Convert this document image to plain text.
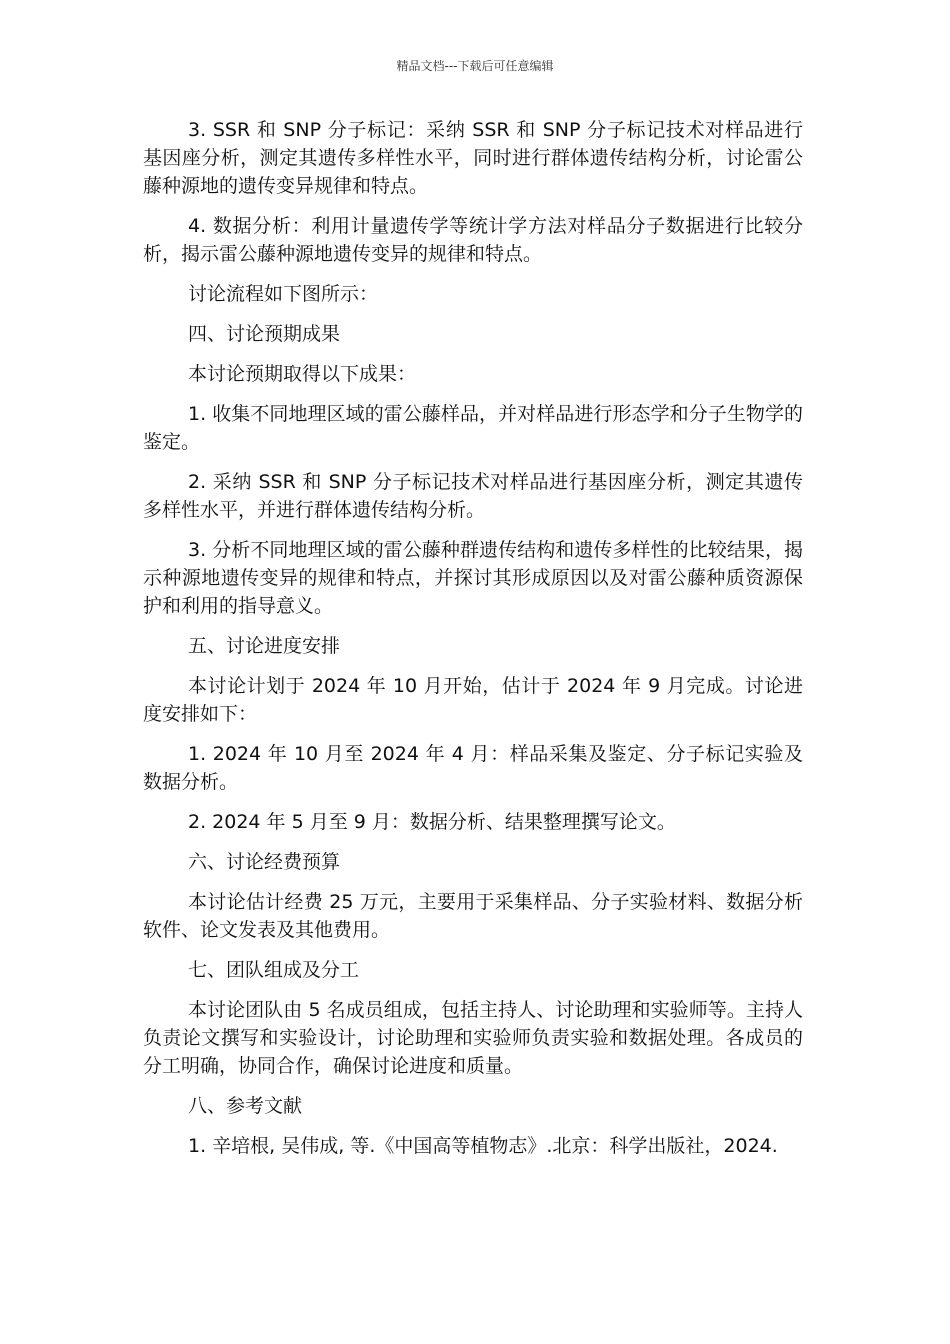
精品文档---下载后可任意编辑

3. SSR 和 SNP 分子标记：采纳 SSR 和 SNP 分子标记技术对样品进行基因座分析，测定其遗传多样性水平，同时进行群体遗传结构分析，讨论雷公藤种源地的遗传变异规律和特点。

4. 数据分析：利用计量遗传学等统计学方法对样品分子数据进行比较分析，揭示雷公藤种源地遗传变异的规律和特点。

讨论流程如下图所示：

四、讨论预期成果

本讨论预期取得以下成果：

1. 收集不同地理区域的雷公藤样品，并对样品进行形态学和分子生物学的鉴定。

2. 采纳 SSR 和 SNP 分子标记技术对样品进行基因座分析，测定其遗传多样性水平，并进行群体遗传结构分析。

3. 分析不同地理区域的雷公藤种群遗传结构和遗传多样性的比较结果，揭示种源地遗传变异的规律和特点，并探讨其形成原因以及对雷公藤种质资源保护和利用的指导意义。

五、讨论进度安排

本讨论计划于 2024 年 10 月开始，估计于 2024 年 9 月完成。讨论进度安排如下：

1. 2024 年 10 月至 2024 年 4 月：样品采集及鉴定、分子标记实验及数据分析。

2. 2024 年 5 月至 9 月：数据分析、结果整理撰写论文。

六、讨论经费预算

本讨论估计经费 25 万元，主要用于采集样品、分子实验材料、数据分析软件、论文发表及其他费用。

七、团队组成及分工

本讨论团队由 5 名成员组成，包括主持人、讨论助理和实验师等。主持人负责论文撰写和实验设计，讨论助理和实验师负责实验和数据处理。各成员的分工明确，协同合作，确保讨论进度和质量。

八、参考文献

1. 辛培根, 吴伟成, 等.《中国高等植物志》.北京：科学出版社，2024.
